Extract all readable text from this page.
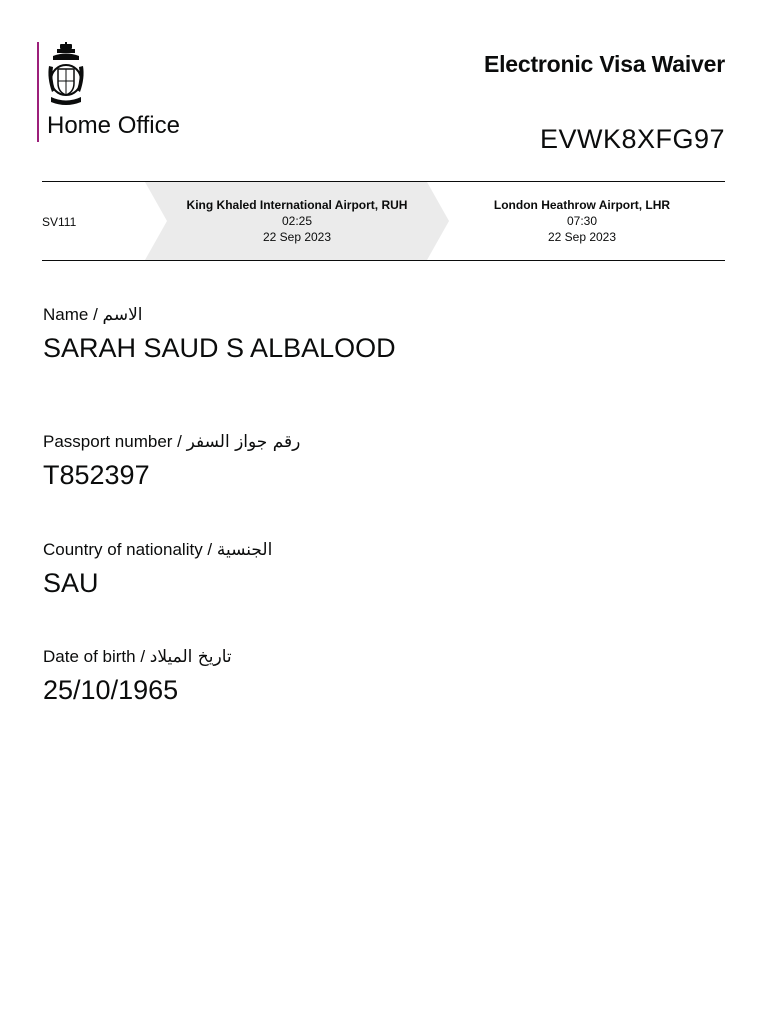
Home Office
Electronic Visa Waiver
EVWK8XFG97
SV111
King Khaled International Airport, RUH
02:25
22 Sep 2023
London Heathrow Airport, LHR
07:30
22 Sep 2023
Name / الاسم
SARAH SAUD S ALBALOOD
Passport number / رقم جواز السفر
T852397
Country of nationality / الجنسية
SAU
Date of birth / تاريخ الميلاد
25/10/1965
